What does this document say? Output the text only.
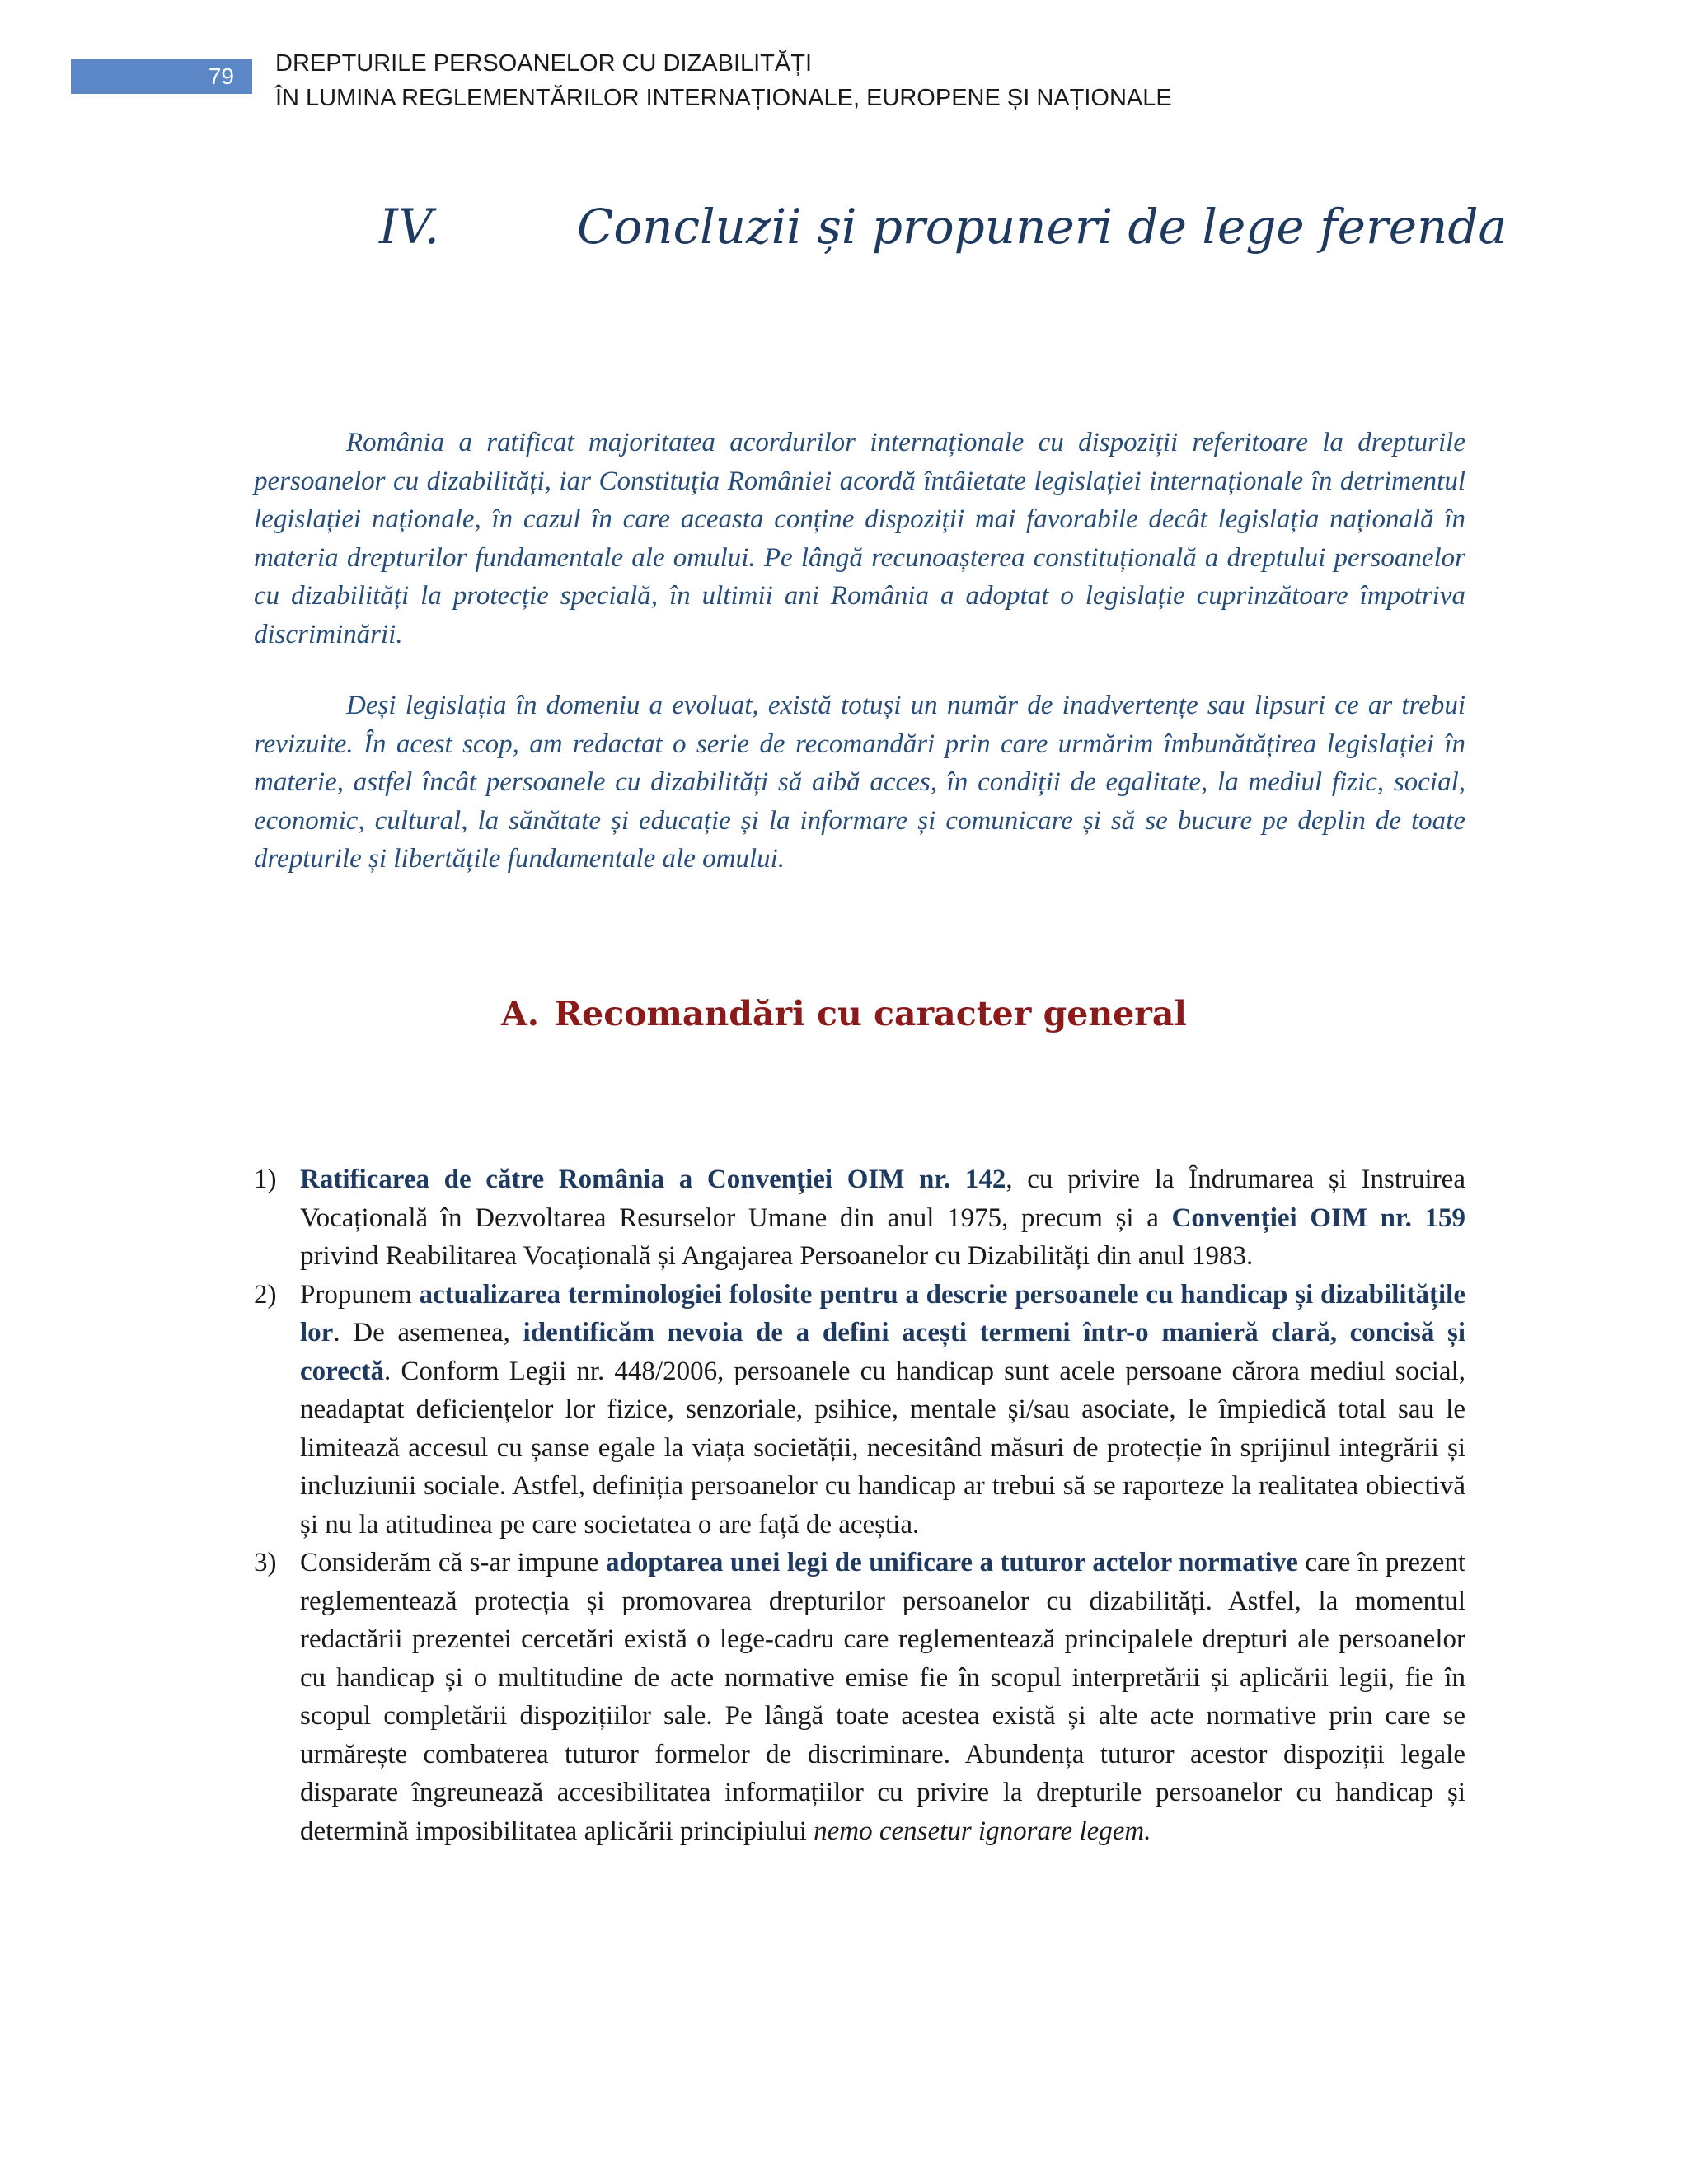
79	DREPTURILE PERSOANELOR CU DIZABILITĂȚI
ÎN LUMINA REGLEMENTĂRILOR INTERNAȚIONALE, EUROPENE ȘI NAȚIONALE
IV.	Concluzii și propuneri de lege ferenda

România a ratificat majoritatea acordurilor internaționale cu dispoziții referitoare la drepturile persoanelor cu dizabilități, iar Constituția României acordă întâietate legislației internaționale în detrimentul legislației naționale, în cazul în care aceasta conține dispoziții mai favorabile decât legislația națională în materia drepturilor fundamentale ale omului. Pe lângă recunoașterea constituțională a dreptului persoanelor cu dizabilități la protecție specială, în ultimii ani România a adoptat o legislație cuprinzătoare împotriva discriminării.

Deși legislația în domeniu a evoluat, există totuși un număr de inadvertențe sau lipsuri ce ar trebui revizuite. În acest scop, am redactat o serie de recomandări prin care urmărim îmbunătățirea legislației în materie, astfel încât persoanele cu dizabilități să aibă acces, în condiții de egalitate, la mediul fizic, social, economic, cultural, la sănătate și educație și la informare și comunicare și să se bucure pe deplin de toate drepturile și libertățile fundamentale ale omului.

A. Recomandări cu caracter general
1) Ratificarea de către România a Convenției OIM nr. 142, cu privire la Îndrumarea și Instruirea Vocațională în Dezvoltarea Resurselor Umane din anul 1975, precum și a Convenției OIM nr. 159 privind Reabilitarea Vocațională și Angajarea Persoanelor cu Dizabilități din anul 1983.
2) Propunem actualizarea terminologiei folosite pentru a descrie persoanele cu handicap și dizabilitățile lor. De asemenea, identificăm nevoia de a defini acești termeni într-o manieră clară, concisă și corectă. Conform Legii nr. 448/2006, persoanele cu handicap sunt acele persoane cărora mediul social, neadaptat deficiențelor lor fizice, senzoriale, psihice, mentale și/sau asociate, le împiedică total sau le limitează accesul cu șanse egale la viața societății, necesitând măsuri de protecție în sprijinul integrării și incluziunii sociale. Astfel, definiția persoanelor cu handicap ar trebui să se raporteze la realitatea obiectivă și nu la atitudinea pe care societatea o are față de aceștia.
3) Considerăm că s-ar impune adoptarea unei legi de unificare a tuturor actelor normative care în prezent reglementează protecția și promovarea drepturilor persoanelor cu dizabilități. Astfel, la momentul redactării prezentei cercetări există o lege-cadru care reglementează principalele drepturi ale persoanelor cu handicap și o multitudine de acte normative emise fie în scopul interpretării și aplicării legii, fie în scopul completării dispozițiilor sale. Pe lângă toate acestea există și alte acte normative prin care se urmărește combaterea tuturor formelor de discriminare. Abundența tuturor acestor dispoziții legale disparate îngreunează accesibilitatea informațiilor cu privire la drepturile persoanelor cu handicap și determină imposibilitatea aplicării principiului nemo censetur ignorare legem.
